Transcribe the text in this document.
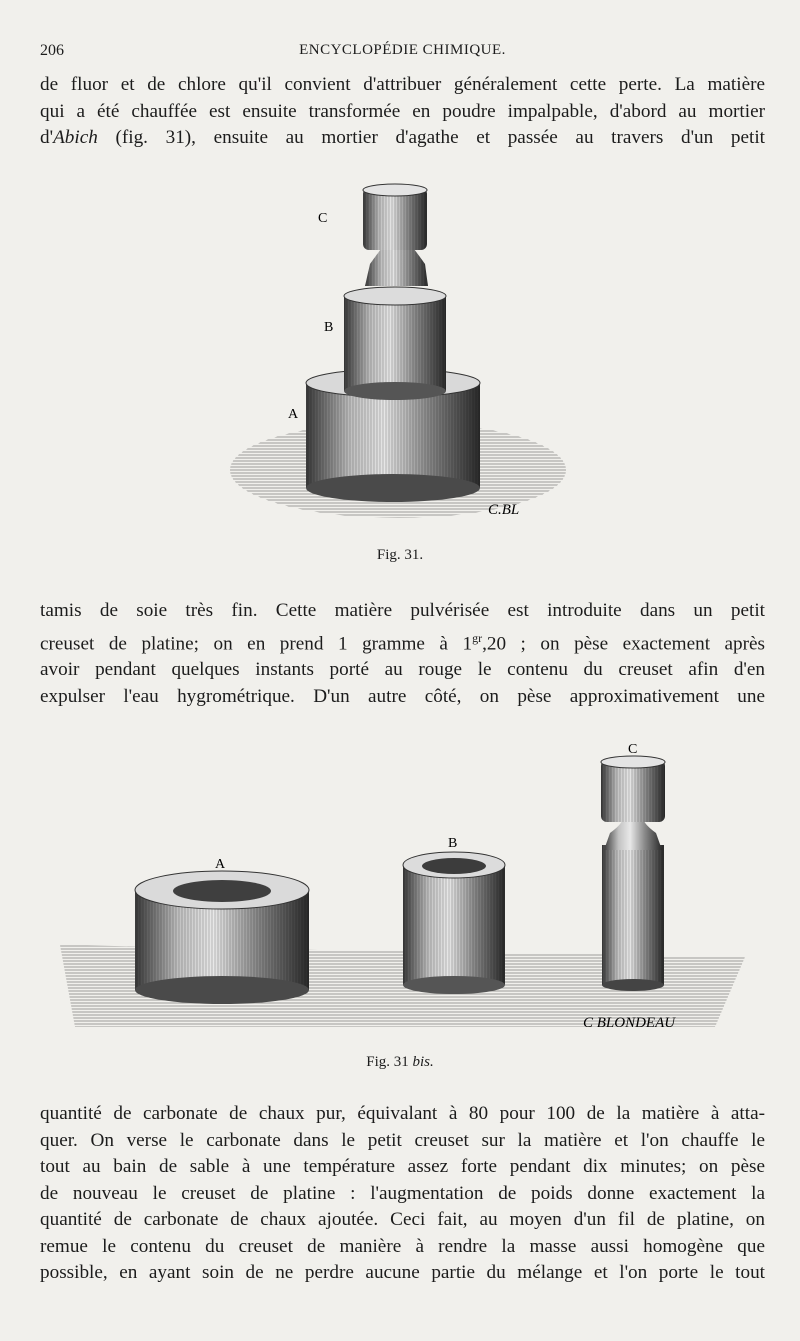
206	ENCYCLOPÉDIE CHIMIQUE.

de fluor et de chlore qu'il convient d'attribuer généralement cette perte. La matière
qui a été chauffée est ensuite transformée en poudre impalpable, d'abord au mortier
d'Abich (fig. 31), ensuite au mortier d'agathe et passée au travers d'un petit

C
B
A
C.BL
Fig. 31.

tamis de soie très fin. Cette matière pulvérisée est introduite dans un petit
creuset de platine; on en prend 1 gramme à $1^{gr},20$ ; on pèse exactement après
avoir pendant quelques instants porté au rouge le contenu du creuset afin d'en
expulser l'eau hygrométrique. D'un autre côté, on pèse approximativement une

A
B
C
C BLONDEAU
Fig. 31 bis.

quantité de carbonate de chaux pur, équivalant à 80 pour 100 de la matière à atta-
quer. On verse le carbonate dans le petit creuset sur la matière et l'on chauffe le
tout au bain de sable à une température assez forte pendant dix minutes; on pèse
de nouveau le creuset de platine : l'augmentation de poids donne exactement la
quantité de carbonate de chaux ajoutée. Ceci fait, au moyen d'un fil de platine, on
remue le contenu du creuset de manière à rendre la masse aussi homogène que
possible, en ayant soin de ne perdre aucune partie du mélange et l'on porte le tout
